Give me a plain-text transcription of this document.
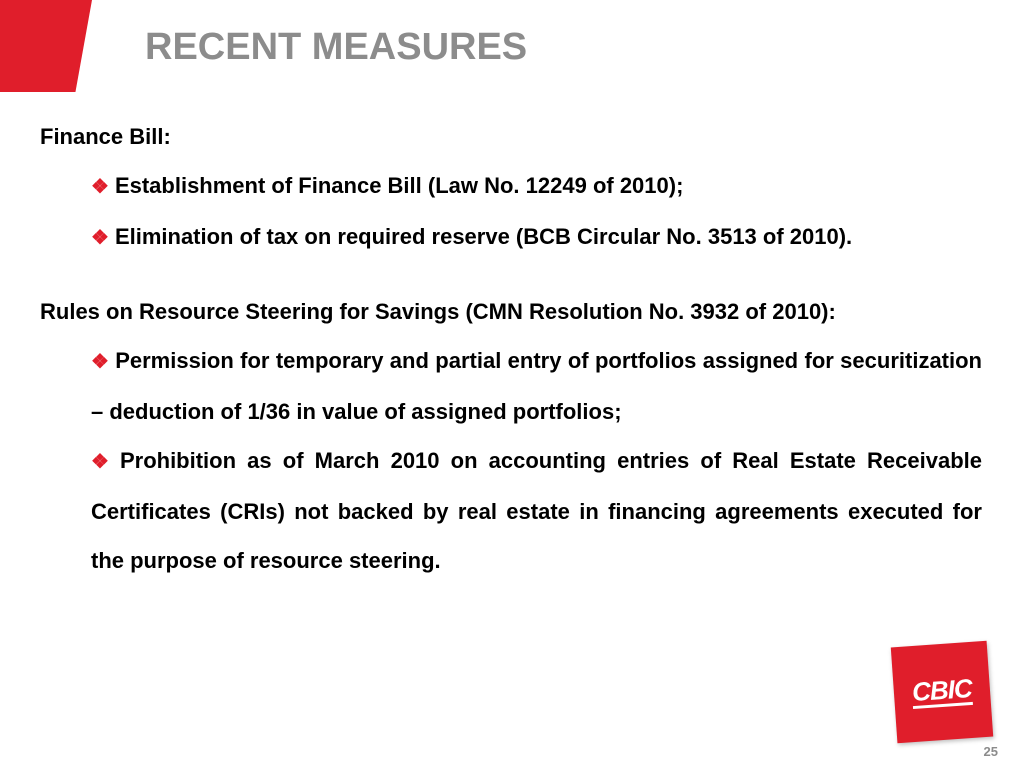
RECENT MEASURES

Finance Bill:

❖ Establishment of Finance Bill (Law No. 12249 of 2010);
❖ Elimination of tax on required reserve (BCB Circular No. 3513 of 2010).

Rules on Resource Steering for Savings (CMN Resolution No. 3932 of 2010):

❖ Permission for temporary and partial entry of portfolios assigned for securitization – deduction of 1/36 in value of assigned portfolios;
❖ Prohibition as of March 2010 on accounting entries of Real Estate Receivable Certificates (CRIs) not backed by real estate in financing agreements executed for the purpose of resource steering.
CBIC
25
